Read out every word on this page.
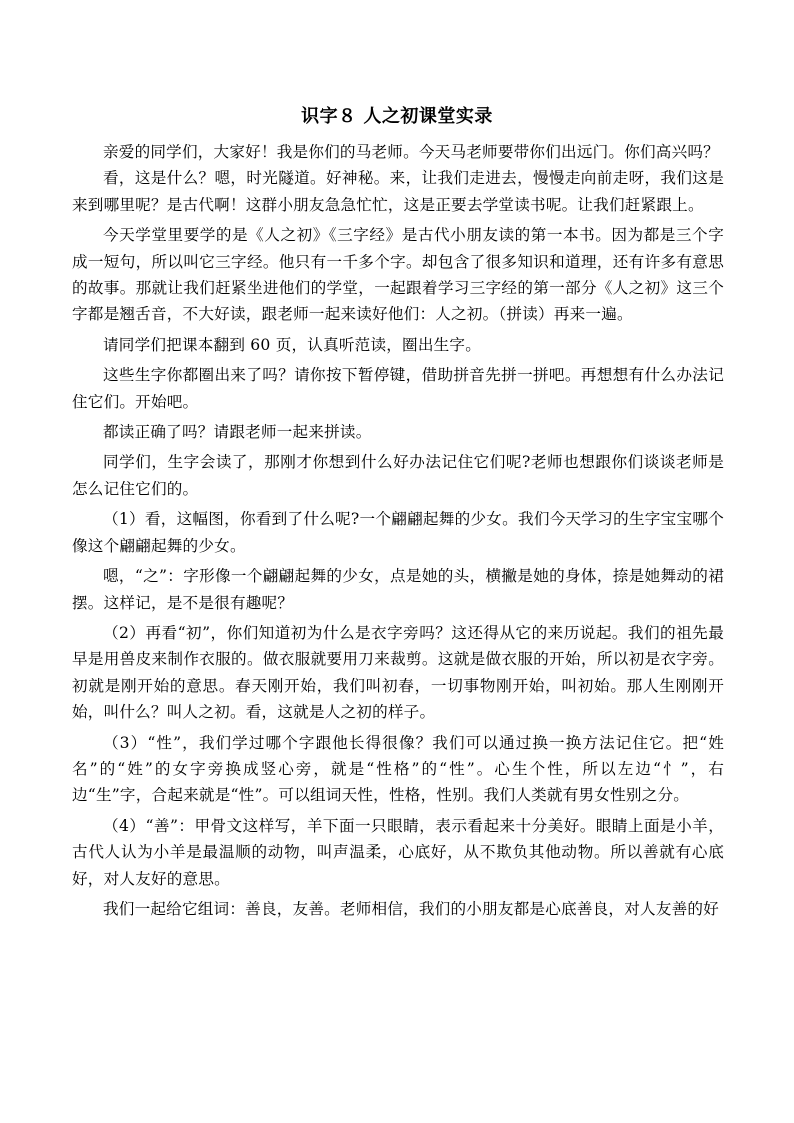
识字８ 人之初课堂实录

亲爱的同学们，大家好！我是你们的马老师。今天马老师要带你们出远门。你们高兴吗？

看，这是什么？嗯，时光隧道。好神秘。来，让我们走进去，慢慢走向前走呀，我们这是来到哪里呢？是古代啊！这群小朋友急急忙忙，这是正要去学堂读书呢。让我们赶紧跟上。

今天学堂里要学的是《人之初》《三字经》是古代小朋友读的第一本书。因为都是三个字成一短句，所以叫它三字经。他只有一千多个字。却包含了很多知识和道理，还有许多有意思的故事。那就让我们赶紧坐进他们的学堂，一起跟着学习三字经的第一部分《人之初》这三个字都是翘舌音，不大好读，跟老师一起来读好他们：人之初。（拼读）再来一遍。

请同学们把课本翻到 60 页，认真听范读，圈出生字。

这些生字你都圈出来了吗？请你按下暂停键，借助拼音先拼一拼吧。再想想有什么办法记住它们。开始吧。

都读正确了吗？请跟老师一起来拼读。

同学们，生字会读了，那刚才你想到什么好办法记住它们呢?老师也想跟你们谈谈老师是怎么记住它们的。

（1）看，这幅图，你看到了什么呢?一个翩翩起舞的少女。我们今天学习的生字宝宝哪个像这个翩翩起舞的少女。

嗯，“之”：字形像一个翩翩起舞的少女，点是她的头，横撇是她的身体，捺是她舞动的裙摆。这样记，是不是很有趣呢？

（2）再看“初”，你们知道初为什么是衣字旁吗？这还得从它的来历说起。我们的祖先最早是用兽皮来制作衣服的。做衣服就要用刀来裁剪。这就是做衣服的开始，所以初是衣字旁。初就是刚开始的意思。春天刚开始，我们叫初春，一切事物刚开始，叫初始。那人生刚刚开始，叫什么？叫人之初。看，这就是人之初的样子。

（3）“性”，我们学过哪个字跟他长得很像？我们可以通过换一换方法记住它。把“姓名”的“姓”的女字旁换成竖心旁，就是“性格”的“性”。心生个性，所以左边“忄”，右边“生”字，合起来就是“性”。可以组词天性，性格，性别。我们人类就有男女性别之分。

（4）“善”：甲骨文这样写，羊下面一只眼睛，表示看起来十分美好。眼睛上面是小羊，古代人认为小羊是最温顺的动物，叫声温柔，心底好，从不欺负其他动物。所以善就有心底好，对人友好的意思。

我们一起给它组词：善良，友善。老师相信，我们的小朋友都是心底善良，对人友善的好
